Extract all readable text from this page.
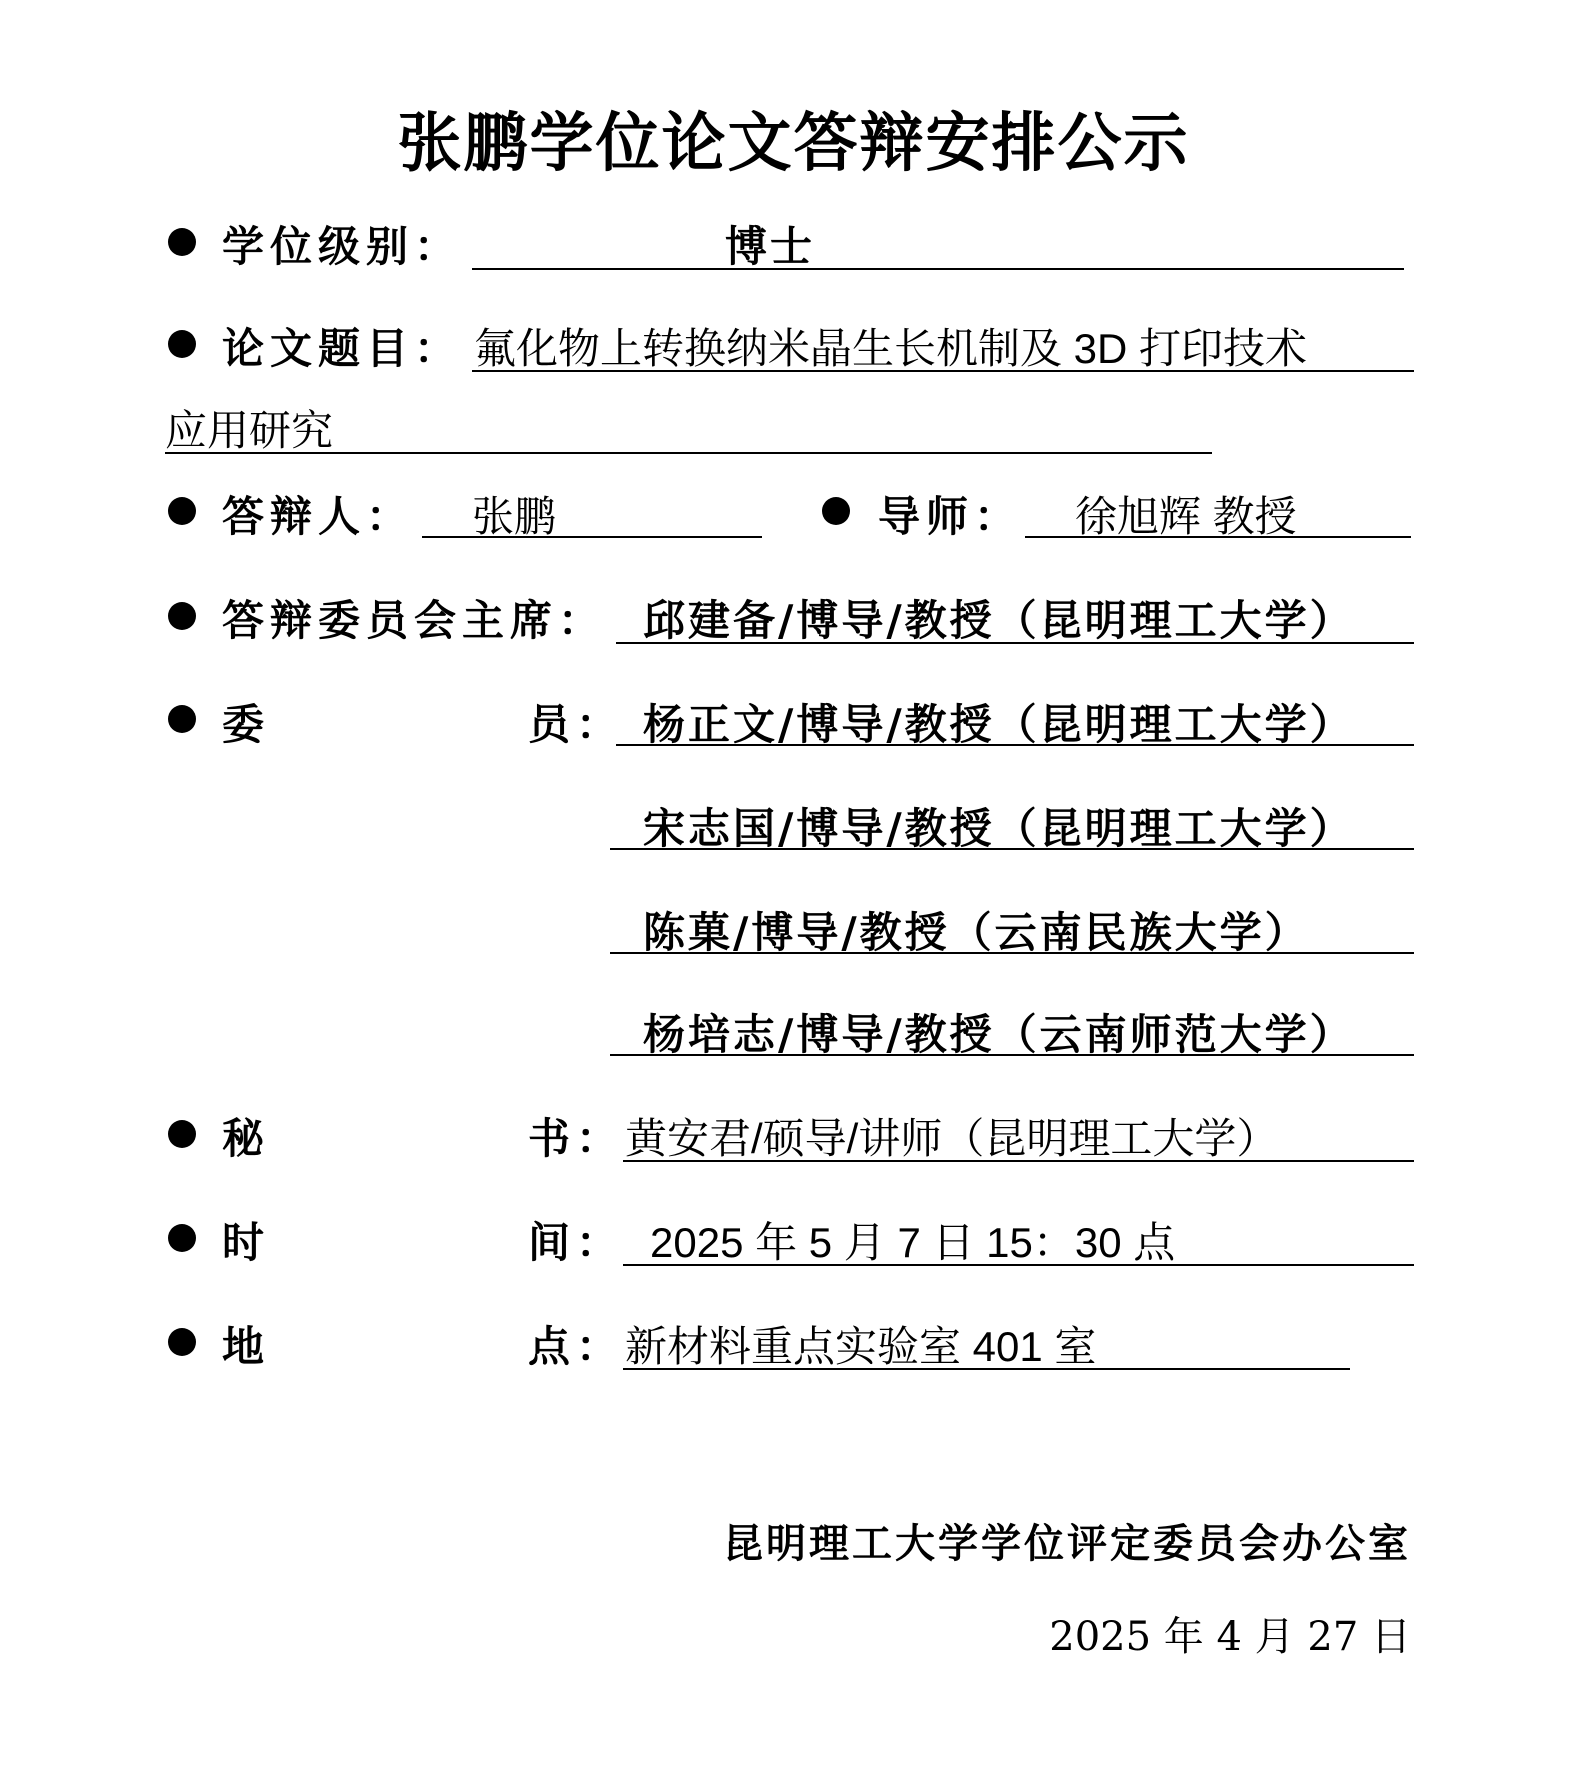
张鹏学位论文答辩安排公示
学位级别：	博士
论文题目： 氟化物上转换纳米晶生长机制及 3D 打印技术
应用研究
答辩人： 张鹏	导师： 徐旭辉 教授
答辩委员会主席： 邱建备/博导/教授（昆明理工大学）
委	员： 杨正文/博导/教授（昆明理工大学）
宋志国/博导/教授（昆明理工大学）
陈菓/博导/教授（云南民族大学）
杨培志/博导/教授（云南师范大学）
秘	书： 黄安君/硕导/讲师（昆明理工大学）
时	间： 2025 年 5 月 7 日 15：30 点
地	点： 新材料重点实验室 401 室
昆明理工大学学位评定委员会办公室
2025 年 4 月 27 日
